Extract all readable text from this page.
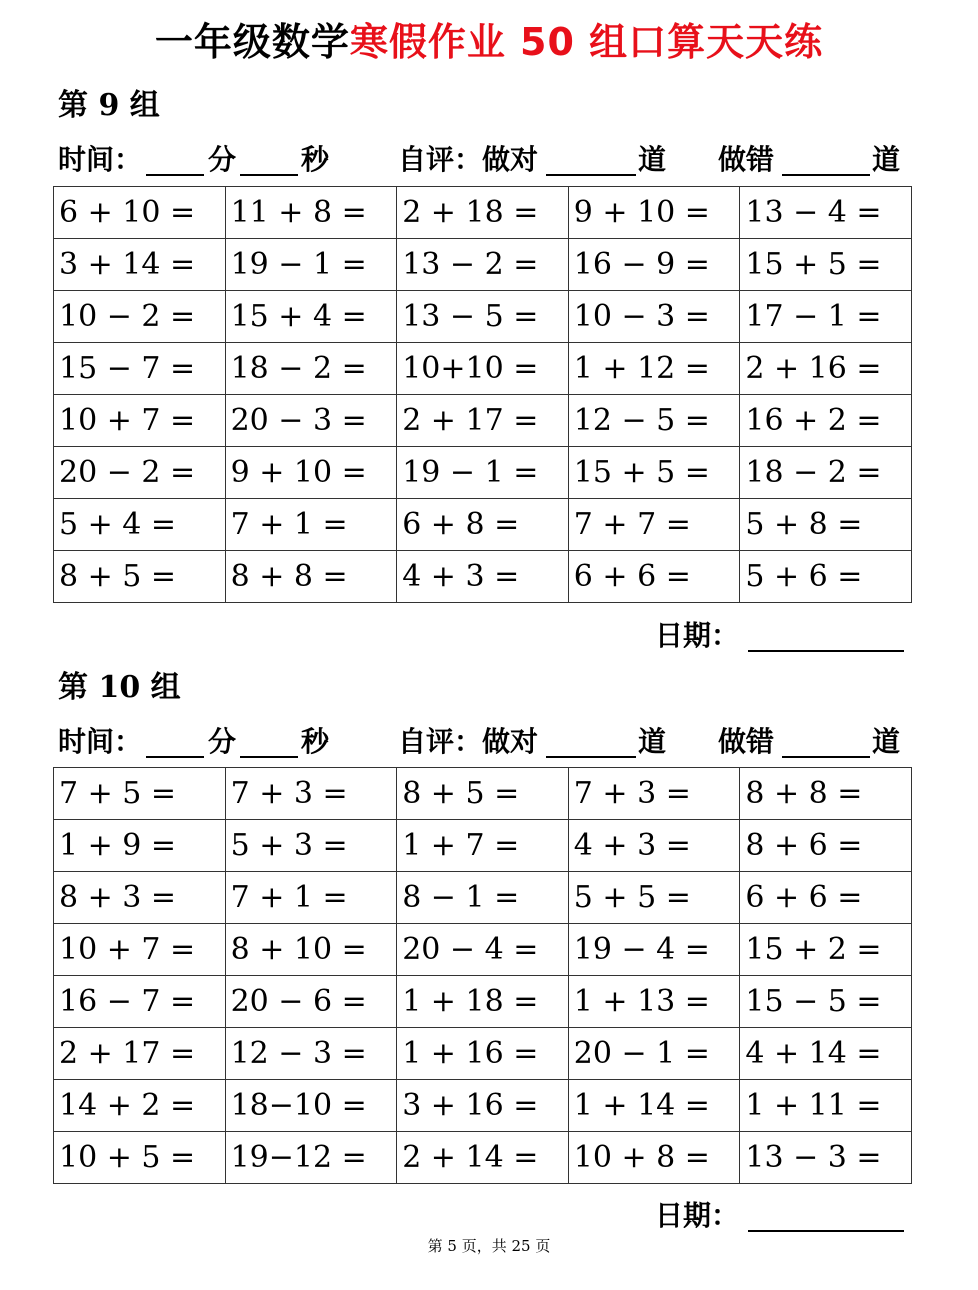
一年级数学寒假作业 50 组口算天天练
第 9 组
时间： 分 秒 自评：做对	道 做错	道
6 + 10 =	11 + 8 =	2 + 18 =	9 + 10 =	13 − 4 =
3 + 14 =	19 − 1 =	13 − 2 =	16 − 9 =	15 + 5 =
10 − 2 =	15 + 4 =	13 − 5 =	10 − 3 =	17 − 1 =
15 − 7 =	18 − 2 =	10+10 =	1 + 12 =	2 + 16 =
10 + 7 =	20 − 3 =	2 + 17 =	12 − 5 =	16 + 2 =
20 − 2 =	9 + 10 =	19 − 1 =	15 + 5 =	18 − 2 =
5 + 4 =	7 + 1 =	6 + 8 =	7 + 7 =	5 + 8 =
8 + 5 =	8 + 8 =	4 + 3 =	6 + 6 =	5 + 6 =
日期：
第 10 组
时间： 分 秒 自评：做对	道 做错	道
7 + 5 =	7 + 3 =	8 + 5 =	7 + 3 =	8 + 8 =
1 + 9 =	5 + 3 =	1 + 7 =	4 + 3 =	8 + 6 =
8 + 3 =	7 + 1 =	8 − 1 =	5 + 5 =	6 + 6 =
10 + 7 =	8 + 10 =	20 − 4 =	19 − 4 =	15 + 2 =
16 − 7 =	20 − 6 =	1 + 18 =	1 + 13 =	15 − 5 =
2 + 17 =	12 − 3 =	1 + 16 =	20 − 1 =	4 + 14 =
14 + 2 =	18−10 =	3 + 16 =	1 + 14 =	1 + 11 =
10 + 5 =	19−12 =	2 + 14 =	10 + 8 =	13 − 3 =
日期：
第 5 页，共 25 页
